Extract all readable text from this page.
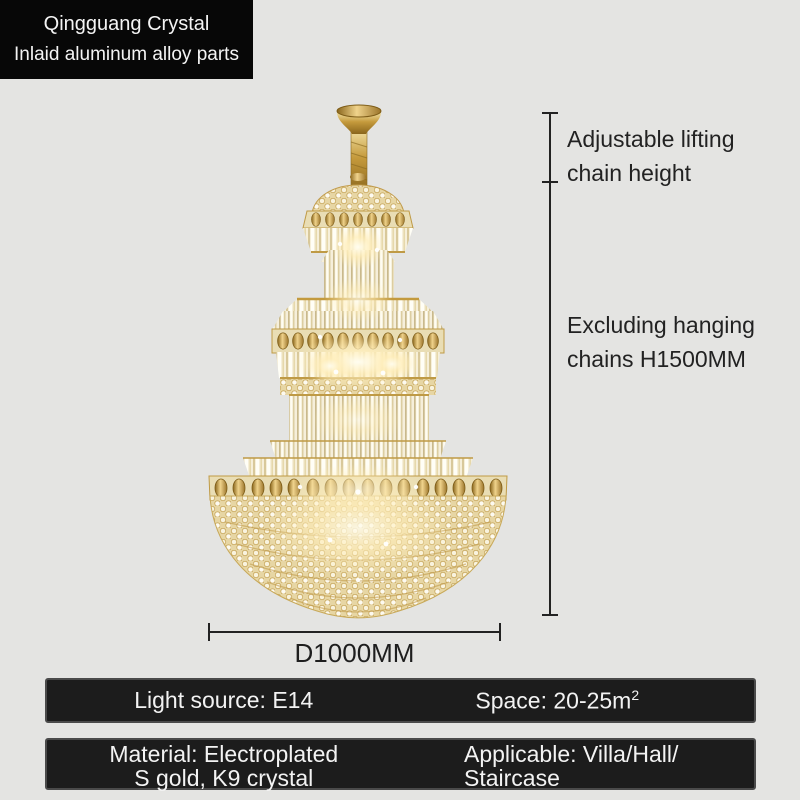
Qingguang Crystal
Inlaid aluminum alloy parts
Adjustable lifting
chain height
Excluding hanging
chains H1500MM
D1000MM
Light source: E14	Space: $20-25m^2$
Material: Electroplated
S gold, K9 crystal
Applicable: Villa/Hall/
Staircase
